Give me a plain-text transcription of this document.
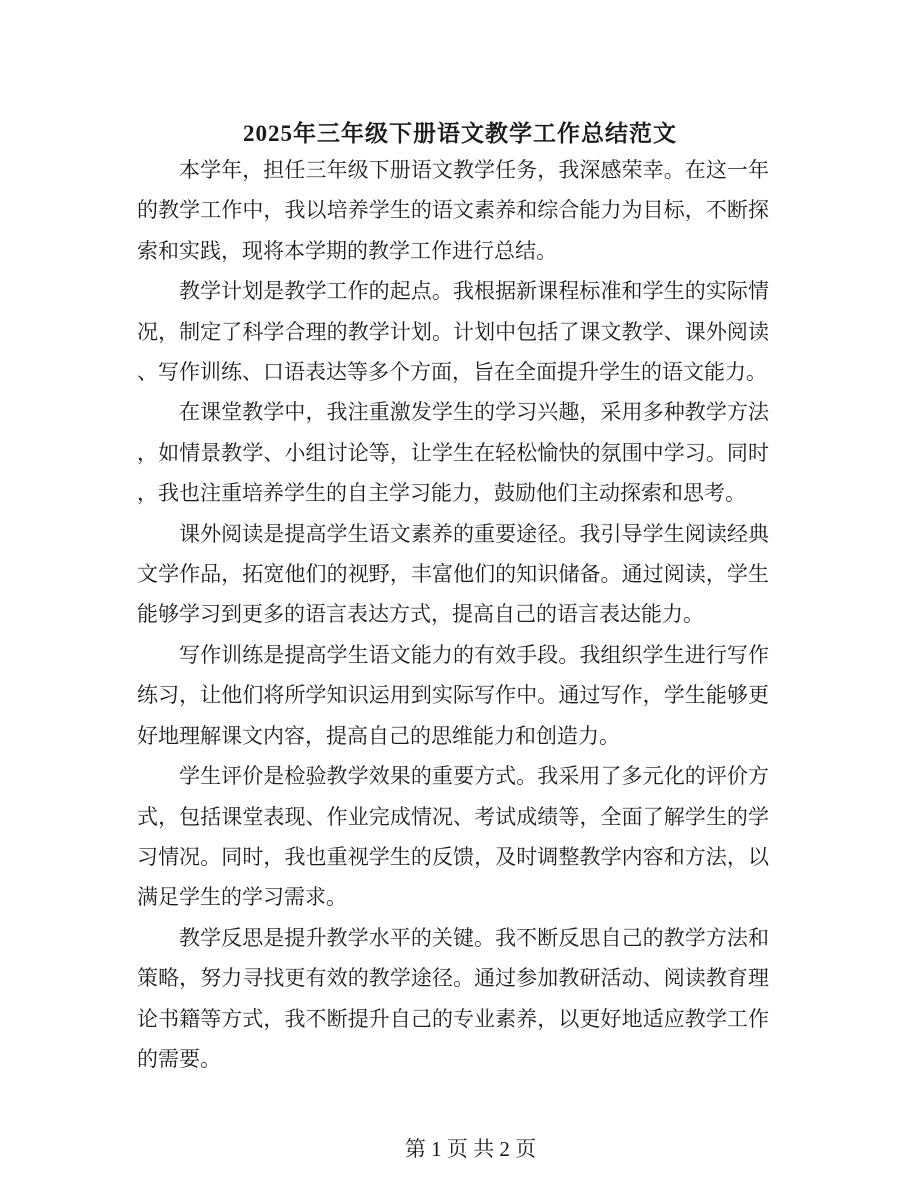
2025年三年级下册语文教学工作总结范文

本学年，担任三年级下册语文教学任务，我深感荣幸。在这一年的教学工作中，我以培养学生的语文素养和综合能力为目标，不断探索和实践，现将本学期的教学工作进行总结。

教学计划是教学工作的起点。我根据新课程标准和学生的实际情况，制定了科学合理的教学计划。计划中包括了课文教学、课外阅读、写作训练、口语表达等多个方面，旨在全面提升学生的语文能力。

在课堂教学中，我注重激发学生的学习兴趣，采用多种教学方法，如情景教学、小组讨论等，让学生在轻松愉快的氛围中学习。同时，我也注重培养学生的自主学习能力，鼓励他们主动探索和思考。

课外阅读是提高学生语文素养的重要途径。我引导学生阅读经典文学作品，拓宽他们的视野，丰富他们的知识储备。通过阅读，学生能够学习到更多的语言表达方式，提高自己的语言表达能力。

写作训练是提高学生语文能力的有效手段。我组织学生进行写作练习，让他们将所学知识运用到实际写作中。通过写作，学生能够更好地理解课文内容，提高自己的思维能力和创造力。

学生评价是检验教学效果的重要方式。我采用了多元化的评价方式，包括课堂表现、作业完成情况、考试成绩等，全面了解学生的学习情况。同时，我也重视学生的反馈，及时调整教学内容和方法，以满足学生的学习需求。

教学反思是提升教学水平的关键。我不断反思自己的教学方法和策略，努力寻找更有效的教学途径。通过参加教研活动、阅读教育理论书籍等方式，我不断提升自己的专业素养，以更好地适应教学工作的需要。

第 1 页 共 2 页
